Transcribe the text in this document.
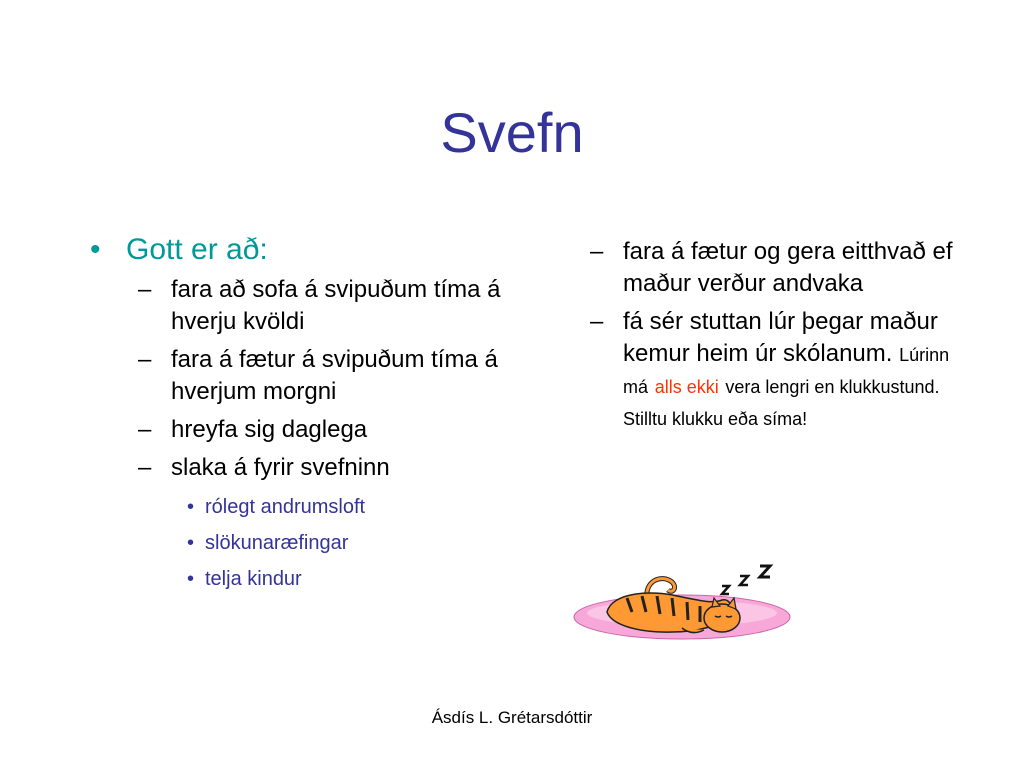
Svefn
• Gott er að:
– fara að sofa á svipuðum tíma á hverju kvöldi
– fara á fætur á svipuðum tíma á hverjum morgni
– hreyfa sig daglega
– slaka á fyrir svefninn
• rólegt andrumsloft
• slökunaræfingar
• telja kindur
– fara á fætur og gera eitthvað ef maður verður andvaka
– fá sér stuttan lúr þegar maður kemur heim úr skólanum. Lúrinn má alls ekki vera lengri en klukkustund. Stilltu klukku eða síma!
Ásdís L. Grétarsdóttir
